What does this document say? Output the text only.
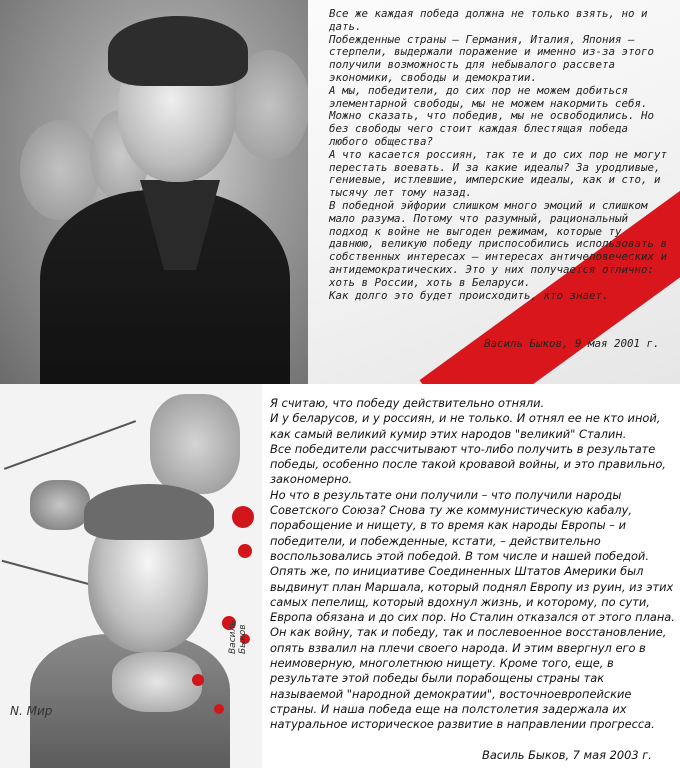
Все же каждая победа должна не только взять, но и дать.

Побежденные страны — Германия, Италия, Япония — стерпели, выдержали поражение и именно из-за этого получили возможность для небывалого рассвета экономики, свободы и демократии.

А мы, победители, до сих пор не можем добиться элементарной свободы, мы не можем накормить себя. Можно сказать, что победив, мы не освободились. Но без свободы чего стоит каждая блестящая победа любого общества?

А что касается россиян, так те и до сих пор не могут перестать воевать. И за какие идеалы? За уродливые, гениевые, истлевшие, имперские идеалы, как и сто, и тысячу лет тому назад.

В победной эйфории слишком много эмоций и слишком мало разума. Потому что разумный, рациональный подход к войне не выгоден режимам, которые ту давнюю, великую победу приспособились использовать в собственных интересах — интересах античеловеческих и антидемократических. Это у них получается отлично: хоть в России, хоть в Беларуси.

Как долго это будет происходить, кто знает.

Василь Быков, 9 мая 2001 г.

N. Мир
Василь Быков

Я считаю, что победу действительно отняли.

И у беларусов, и у россиян, и не только. И отнял ее не кто иной, как самый великий кумир этих народов "великий" Сталин.

Все победители рассчитывают что-либо получить в результате победы, особенно после такой кровавой войны, и это правильно, закономерно.

Но что в результате они получили – что получили народы Советского Союза? Снова ту же коммунистическую кабалу, порабощение и нищету, в то время как народы Европы – и победители, и побежденные, кстати, – действительно воспользовались этой победой. В том числе и нашей победой. Опять же, по инициативе Соединенных Штатов Америки был выдвинут план Маршала, который поднял Европу из руин, из этих самых пепелищ, который вдохнул жизнь, и которому, по сути, Европа обязана и до сих пор. Но Сталин отказался от этого плана. Он как войну, так и победу, так и послевоенное восстановление, опять взвалил на плечи своего народа. И этим ввергнул его в неимоверную, многолетнюю нищету. Кроме того, еще, в результате этой победы были порабощены страны так называемой "народной демократии", восточноевропейские страны. И наша победа еще на полстолетия задержала их натуральное историческое развитие в направлении прогресса.

Василь Быков, 7 мая 2003 г.
